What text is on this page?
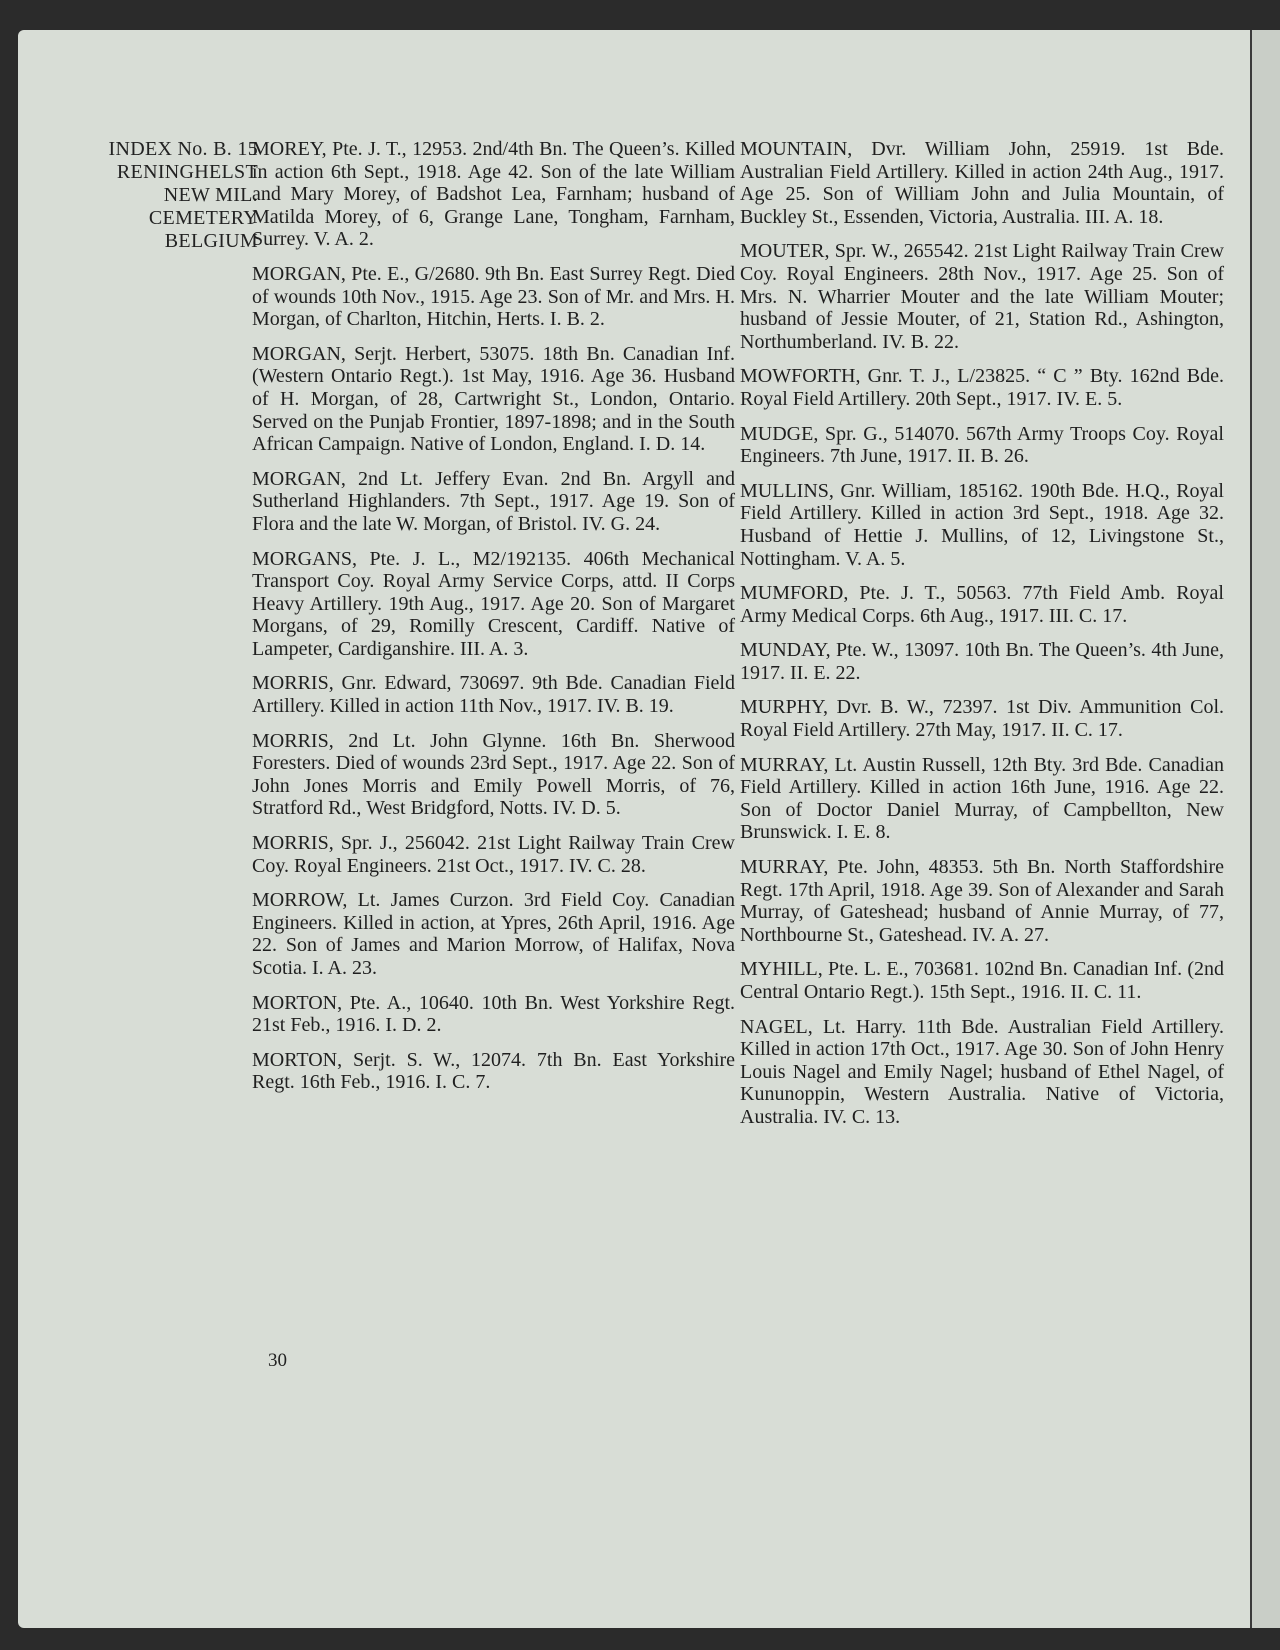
INDEX No. B. 15
RENINGHELST
NEW MIL.
CEMETERY
BELGIUM

MOREY, Pte. J. T., 12953. 2nd/4th Bn. The Queen’s. Killed in action 6th Sept., 1918. Age 42. Son of the late William and Mary Morey, of Badshot Lea, Farnham; husband of Matilda Morey, of 6, Grange Lane, Tongham, Farnham, Surrey. V. A. 2.

MORGAN, Pte. E., G/2680. 9th Bn. East Surrey Regt. Died of wounds 10th Nov., 1915. Age 23. Son of Mr. and Mrs. H. Morgan, of Charlton, Hitchin, Herts. I. B. 2.

MORGAN, Serjt. Herbert, 53075. 18th Bn. Canadian Inf. (Western Ontario Regt.). 1st May, 1916. Age 36. Husband of H. Morgan, of 28, Cartwright St., London, Ontario. Served on the Punjab Frontier, 1897-1898; and in the South African Campaign. Native of London, England. I. D. 14.

MORGAN, 2nd Lt. Jeffery Evan. 2nd Bn. Argyll and Sutherland Highlanders. 7th Sept., 1917. Age 19. Son of Flora and the late W. Morgan, of Bristol. IV. G. 24.

MORGANS, Pte. J. L., M2/192135. 406th Mechanical Transport Coy. Royal Army Service Corps, attd. II Corps Heavy Artillery. 19th Aug., 1917. Age 20. Son of Margaret Morgans, of 29, Romilly Crescent, Cardiff. Native of Lampeter, Cardiganshire. III. A. 3.

MORRIS, Gnr. Edward, 730697. 9th Bde. Canadian Field Artillery. Killed in action 11th Nov., 1917. IV. B. 19.

MORRIS, 2nd Lt. John Glynne. 16th Bn. Sherwood Foresters. Died of wounds 23rd Sept., 1917. Age 22. Son of John Jones Morris and Emily Powell Morris, of 76, Stratford Rd., West Bridgford, Notts. IV. D. 5.

MORRIS, Spr. J., 256042. 21st Light Railway Train Crew Coy. Royal Engineers. 21st Oct., 1917. IV. C. 28.

MORROW, Lt. James Curzon. 3rd Field Coy. Canadian Engineers. Killed in action, at Ypres, 26th April, 1916. Age 22. Son of James and Marion Morrow, of Halifax, Nova Scotia. I. A. 23.

MORTON, Pte. A., 10640. 10th Bn. West Yorkshire Regt. 21st Feb., 1916. I. D. 2.

MORTON, Serjt. S. W., 12074. 7th Bn. East Yorkshire Regt. 16th Feb., 1916. I. C. 7.

MOUNTAIN, Dvr. William John, 25919. 1st Bde. Australian Field Artillery. Killed in action 24th Aug., 1917. Age 25. Son of William John and Julia Mountain, of Buckley St., Essenden, Victoria, Australia. III. A. 18.

MOUTER, Spr. W., 265542. 21st Light Railway Train Crew Coy. Royal Engineers. 28th Nov., 1917. Age 25. Son of Mrs. N. Wharrier Mouter and the late William Mouter; husband of Jessie Mouter, of 21, Station Rd., Ashington, Northumberland. IV. B. 22.

MOWFORTH, Gnr. T. J., L/23825. “ C ” Bty. 162nd Bde. Royal Field Artillery. 20th Sept., 1917. IV. E. 5.

MUDGE, Spr. G., 514070. 567th Army Troops Coy. Royal Engineers. 7th June, 1917. II. B. 26.

MULLINS, Gnr. William, 185162. 190th Bde. H.Q., Royal Field Artillery. Killed in action 3rd Sept., 1918. Age 32. Husband of Hettie J. Mullins, of 12, Livingstone St., Nottingham. V. A. 5.

MUMFORD, Pte. J. T., 50563. 77th Field Amb. Royal Army Medical Corps. 6th Aug., 1917. III. C. 17.

MUNDAY, Pte. W., 13097. 10th Bn. The Queen’s. 4th June, 1917. II. E. 22.

MURPHY, Dvr. B. W., 72397. 1st Div. Ammunition Col. Royal Field Artillery. 27th May, 1917. II. C. 17.

MURRAY, Lt. Austin Russell, 12th Bty. 3rd Bde. Canadian Field Artillery. Killed in action 16th June, 1916. Age 22. Son of Doctor Daniel Murray, of Campbellton, New Brunswick. I. E. 8.

MURRAY, Pte. John, 48353. 5th Bn. North Staffordshire Regt. 17th April, 1918. Age 39. Son of Alexander and Sarah Murray, of Gateshead; husband of Annie Murray, of 77, Northbourne St., Gateshead. IV. A. 27.

MYHILL, Pte. L. E., 703681. 102nd Bn. Canadian Inf. (2nd Central Ontario Regt.). 15th Sept., 1916. II. C. 11.

NAGEL, Lt. Harry. 11th Bde. Australian Field Artillery. Killed in action 17th Oct., 1917. Age 30. Son of John Henry Louis Nagel and Emily Nagel; husband of Ethel Nagel, of Kununoppin, Western Australia. Native of Victoria, Australia. IV. C. 13.

30
